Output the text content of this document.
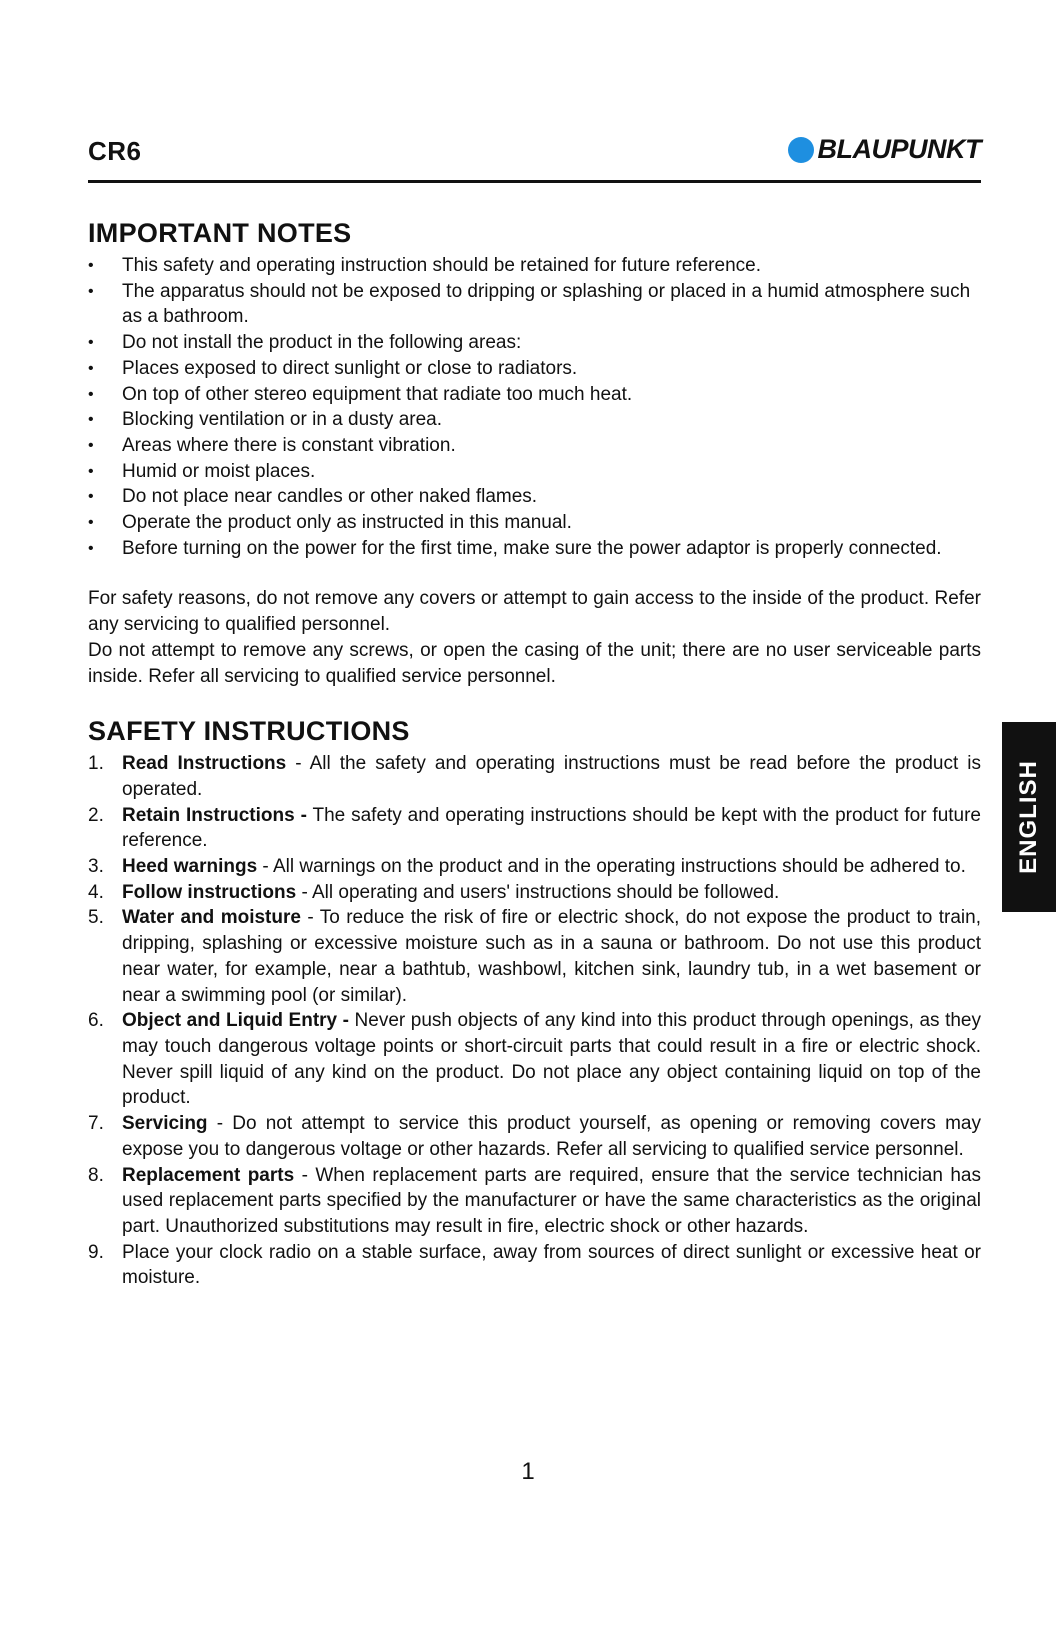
CR6	BLAUPUNKT
IMPORTANT NOTES
• This safety and operating instruction should be retained for future reference.
• The apparatus should not be exposed to dripping or splashing or placed in a humid atmosphere such as a bathroom.
• Do not install the product in the following areas:
• Places exposed to direct sunlight or close to radiators.
• On top of other stereo equipment that radiate too much heat.
• Blocking ventilation or in a dusty area.
• Areas where there is constant vibration.
• Humid or moist places.
• Do not place near candles or other naked flames.
• Operate the product only as instructed in this manual.
• Before turning on the power for the first time, make sure the power adaptor is properly connected.

For safety reasons, do not remove any covers or attempt to gain access to the inside of the product. Refer any servicing to qualified personnel.

Do not attempt to remove any screws, or open the casing of the unit; there are no user serviceable parts inside. Refer all servicing to qualified service personnel.

SAFETY INSTRUCTIONS
1. Read Instructions - All the safety and operating instructions must be read before the product is operated.
2. Retain Instructions - The safety and operating instructions should be kept with the product for future reference.
3. Heed warnings - All warnings on the product and in the operating instructions should be adhered to.
4. Follow instructions - All operating and users' instructions should be followed.
5. Water and moisture - To reduce the risk of fire or electric shock, do not expose the product to train, dripping, splashing or excessive moisture such as in a sauna or bathroom. Do not use this product near water, for example, near a bathtub, washbowl, kitchen sink, laundry tub, in a wet basement or near a swimming pool (or similar).
6. Object and Liquid Entry - Never push objects of any kind into this product through openings, as they may touch dangerous voltage points or short-circuit parts that could result in a fire or electric shock. Never spill liquid of any kind on the product. Do not place any object containing liquid on top of the product.
7. Servicing - Do not attempt to service this product yourself, as opening or removing covers may expose you to dangerous voltage or other hazards. Refer all servicing to qualified service personnel.
8. Replacement parts - When replacement parts are required, ensure that the service technician has used replacement parts specified by the manufacturer or have the same characteristics as the original part. Unauthorized substitutions may result in fire, electric shock or other hazards.
9. Place your clock radio on a stable surface, away from sources of direct sunlight or excessive heat or moisture.
ENGLISH
1
